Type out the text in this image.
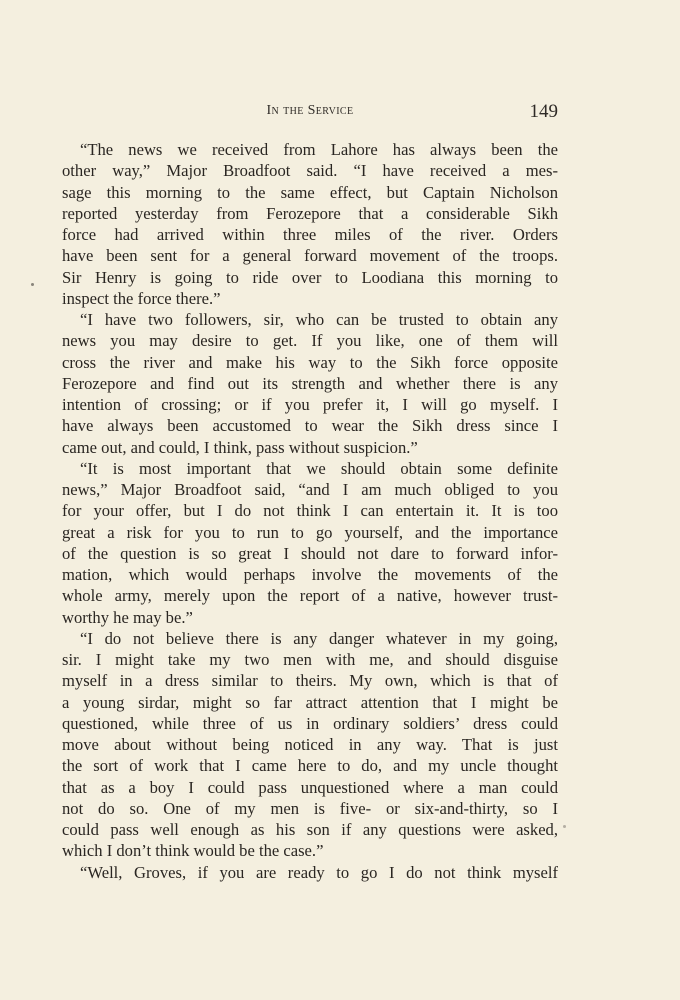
In the Service	149
“The news we received from Lahore has always been the
other way,” Major Broadfoot said. “I have received a mes-
sage this morning to the same effect, but Captain Nicholson
reported yesterday from Ferozepore that a considerable Sikh
force had arrived within three miles of the river. Orders
have been sent for a general forward movement of the troops.
Sir Henry is going to ride over to Loodiana this morning to
inspect the force there.”
“I have two followers, sir, who can be trusted to obtain any
news you may desire to get. If you like, one of them will
cross the river and make his way to the Sikh force opposite
Ferozepore and find out its strength and whether there is any
intention of crossing; or if you prefer it, I will go myself. I
have always been accustomed to wear the Sikh dress since I
came out, and could, I think, pass without suspicion.”
“It is most important that we should obtain some definite
news,” Major Broadfoot said, “and I am much obliged to you
for your offer, but I do not think I can entertain it. It is too
great a risk for you to run to go yourself, and the importance
of the question is so great I should not dare to forward infor-
mation, which would perhaps involve the movements of the
whole army, merely upon the report of a native, however trust-
worthy he may be.”
“I do not believe there is any danger whatever in my going,
sir. I might take my two men with me, and should disguise
myself in a dress similar to theirs. My own, which is that of
a young sirdar, might so far attract attention that I might be
questioned, while three of us in ordinary soldiers’ dress could
move about without being noticed in any way. That is just
the sort of work that I came here to do, and my uncle thought
that as a boy I could pass unquestioned where a man could
not do so. One of my men is five- or six-and-thirty, so I
could pass well enough as his son if any questions were asked,
which I don’t think would be the case.”
“Well, Groves, if you are ready to go I do not think myself
